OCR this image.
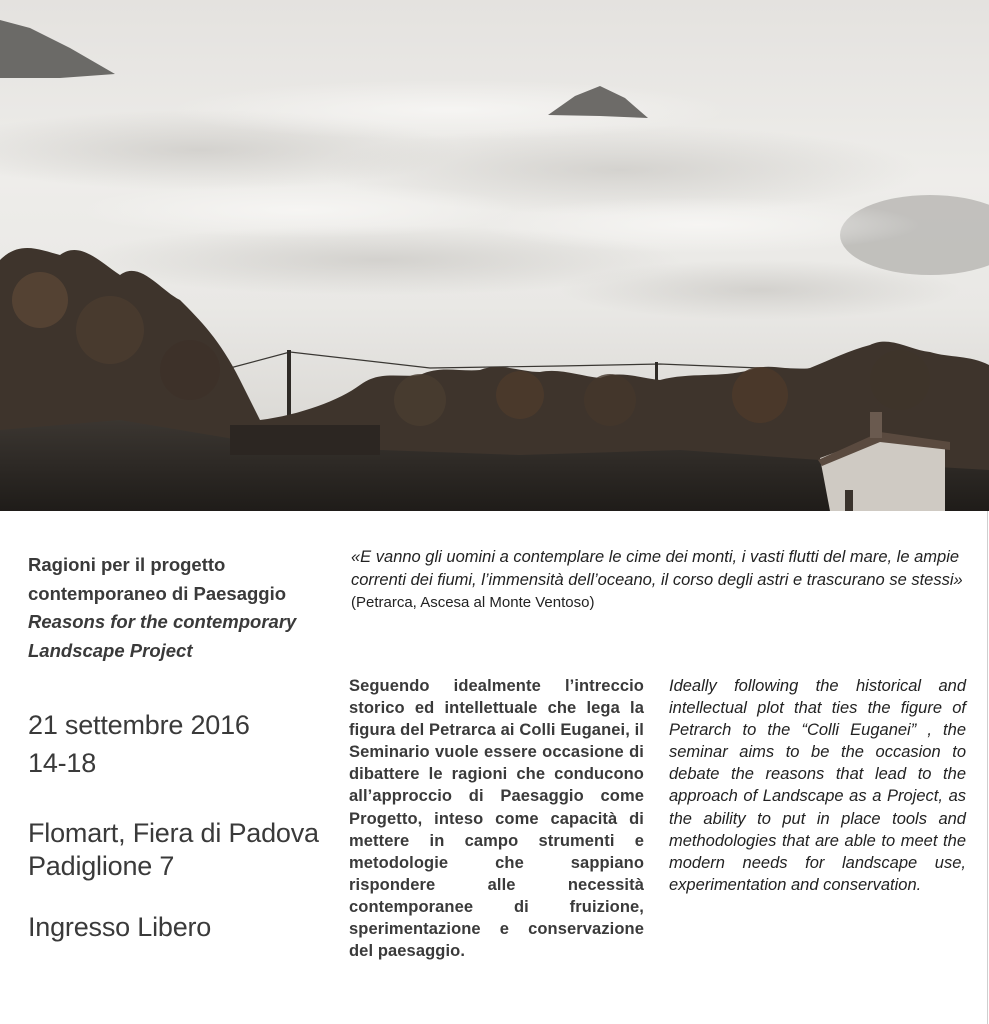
Ragioni per il progetto

contemporaneo di Paesaggio

Reasons for the contemporary

Landscape Project

21 settembre 2016

14-18

Flomart, Fiera di Padova

Padiglione 7

Ingresso Libero

«E vanno gli uomini a contemplare le cime dei monti, i vasti flutti del mare, le ampie correnti dei fiumi, l’immensità dell’oceano, il corso degli astri e trascurano se stessi»

(Petrarca, Ascesa al Monte Ventoso)

Seguendo idealmente l’intreccio storico ed intellettuale che lega la figura del Petrarca ai Colli Euganei, il Seminario vuole essere occasione di dibattere le ragioni che conducono all’approccio di Paesaggio come Progetto, inteso come capacità di mettere in campo strumenti e metodologie che sappiano rispondere alle necessità contemporanee di fruizione, sperimentazione e conservazione del paesaggio.

Ideally following the historical and intellectual plot that ties the figure of Petrarch to the “Colli Euganei” , the seminar aims to be the occasion to debate the reasons that lead to the approach of Landscape as a Project, as the ability to put in place tools and methodologies that are able to meet the modern needs for landscape use, experimentation and conservation.
